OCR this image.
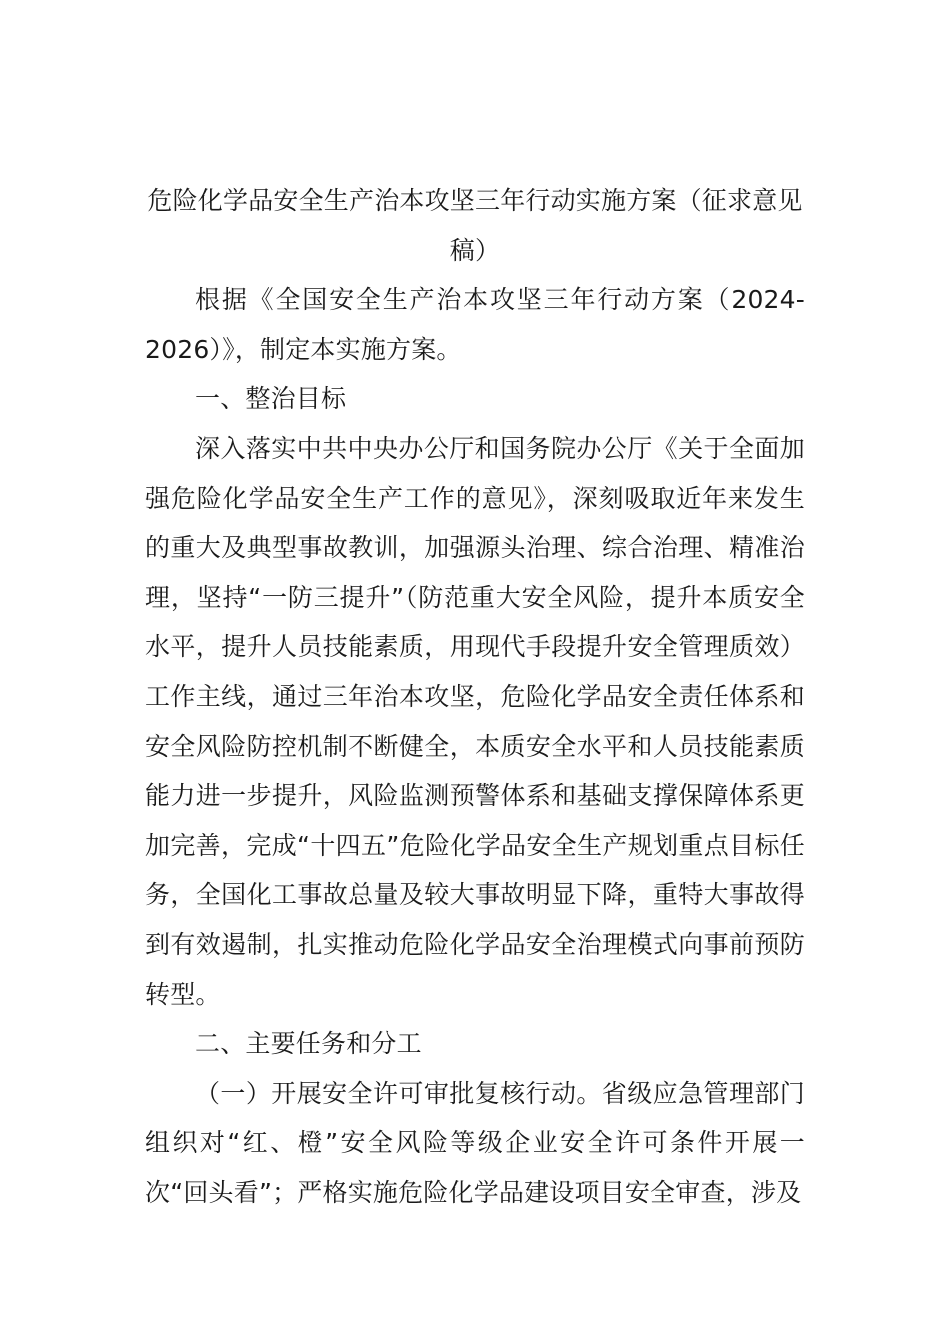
危险化学品安全生产治本攻坚三年行动实施方案（征求意见稿）

根据《全国安全生产治本攻坚三年行动方案（2024-2026）》，制定本实施方案。

一、整治目标

深入落实中共中央办公厅和国务院办公厅《关于全面加强危险化学品安全生产工作的意见》，深刻吸取近年来发生的重大及典型事故教训，加强源头治理、综合治理、精准治理，坚持“一防三提升”（防范重大安全风险，提升本质安全水平，提升人员技能素质，用现代手段提升安全管理质效）工作主线，通过三年治本攻坚，危险化学品安全责任体系和安全风险防控机制不断健全，本质安全水平和人员技能素质能力进一步提升，风险监测预警体系和基础支撑保障体系更加完善，完成“十四五”危险化学品安全生产规划重点目标任务，全国化工事故总量及较大事故明显下降，重特大事故得到有效遏制，扎实推动危险化学品安全治理模式向事前预防转型。

二、主要任务和分工

（一）开展安全许可审批复核行动。省级应急管理部门组织对“红、橙”安全风险等级企业安全许可条件开展一次“回头看”；严格实施危险化学品建设项目安全审查，涉及
